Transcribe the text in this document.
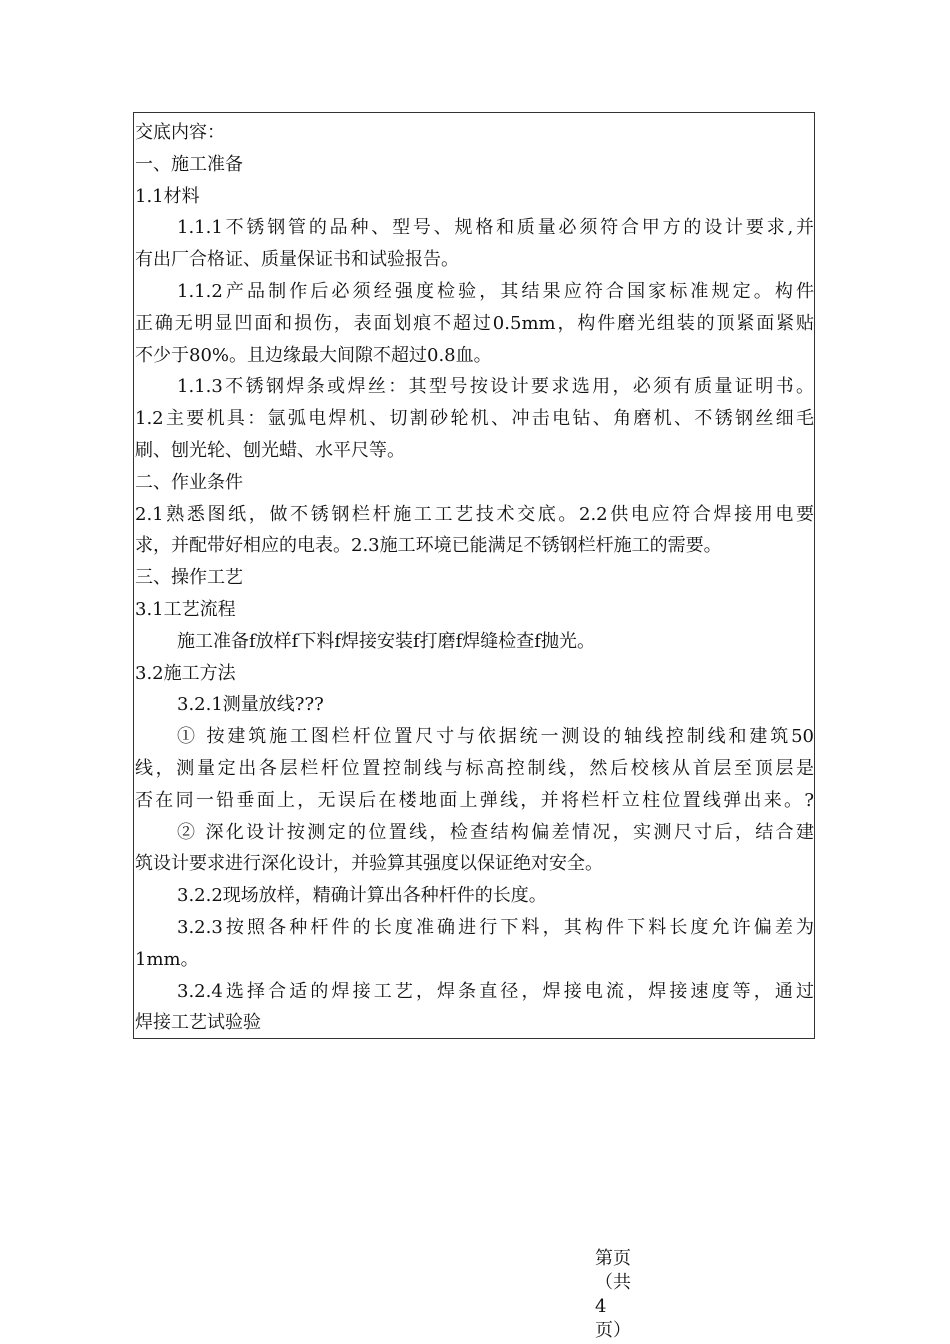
交底内容：
一、施工准备
1.1材料
1.1.1不锈钢管的品种、型号、规格和质量必须符合甲方的设计要求,并
有出厂合格证、质量保证书和试验报告。
1.1.2产品制作后必须经强度检验，其结果应符合国家标准规定。构件
正确无明显凹面和损伤，表面划痕不超过0.5mm，构件磨光组装的顶紧面紧贴
不少于80%。且边缘最大间隙不超过0.8血。
1.1.3不锈钢焊条或焊丝：其型号按设计要求选用，必须有质量证明书。
1.2主要机具：氩弧电焊机、切割砂轮机、冲击电钻、角磨机、不锈钢丝细毛
刷、刨光轮、刨光蜡、水平尺等。
二、作业条件
2.1熟悉图纸，做不锈钢栏杆施工工艺技术交底。2.2供电应符合焊接用电要
求，并配带好相应的电表。2.3施工环境已能满足不锈钢栏杆施工的需要。
三、操作工艺
3.1工艺流程
施工准备f放样f下料f焊接安装f打磨f焊缝检查f抛光。
3.2施工方法
3.2.1测量放线???
① 按建筑施工图栏杆位置尺寸与依据统一测设的轴线控制线和建筑50
线，测量定出各层栏杆位置控制线与标高控制线，然后校核从首层至顶层是
否在同一铅垂面上，无误后在楼地面上弹线，并将栏杆立柱位置线弹出来。?
② 深化设计按测定的位置线，检查结构偏差情况，实测尺寸后，结合建
筑设计要求进行深化设计，并验算其强度以保证绝对安全。
3.2.2现场放样，精确计算出各种杆件的长度。
3.2.3按照各种杆件的长度准确进行下料，其构件下料长度允许偏差为
1mm。
3.2.4选择合适的焊接工艺，焊条直径，焊接电流，焊接速度等，通过
焊接工艺试验验
第页
（共
4
页）
